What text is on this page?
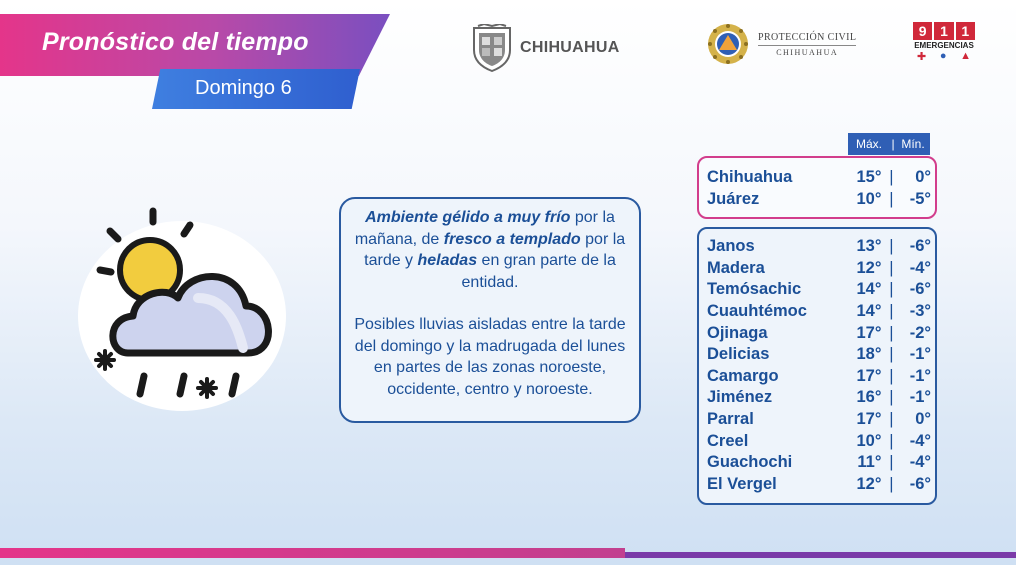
Pronóstico del tiempo
Domingo 6
CHIHUAHUA
PROTECCIÓN CIVIL
CHIHUAHUA
9 1 1
EMERGENCIAS
✚ ● ▲

Ambiente gélido a muy frío por la mañana, de fresco a templado por la tarde y heladas en gran parte de la entidad.

Posibles lluvias aisladas entre la tarde del domingo y la madrugada del lunes en partes de las zonas noroeste, occidente, centro y noroeste.

Máx. | Mín.
Chihuahua	15° |	0°
Juárez	10° | -5°
Janos	13° | -6°
Madera	12° | -4°
Temósachic	14° | -6°
Cuauhtémoc	14° | -3°
Ojinaga	17° | -2°
Delicias	18° | -1°
Camargo	17° | -1°
Jiménez	16° | -1°
Parral	17° |	0°
Creel	10° | -4°
Guachochi	11° | -4°
El Vergel	12° | -6°
